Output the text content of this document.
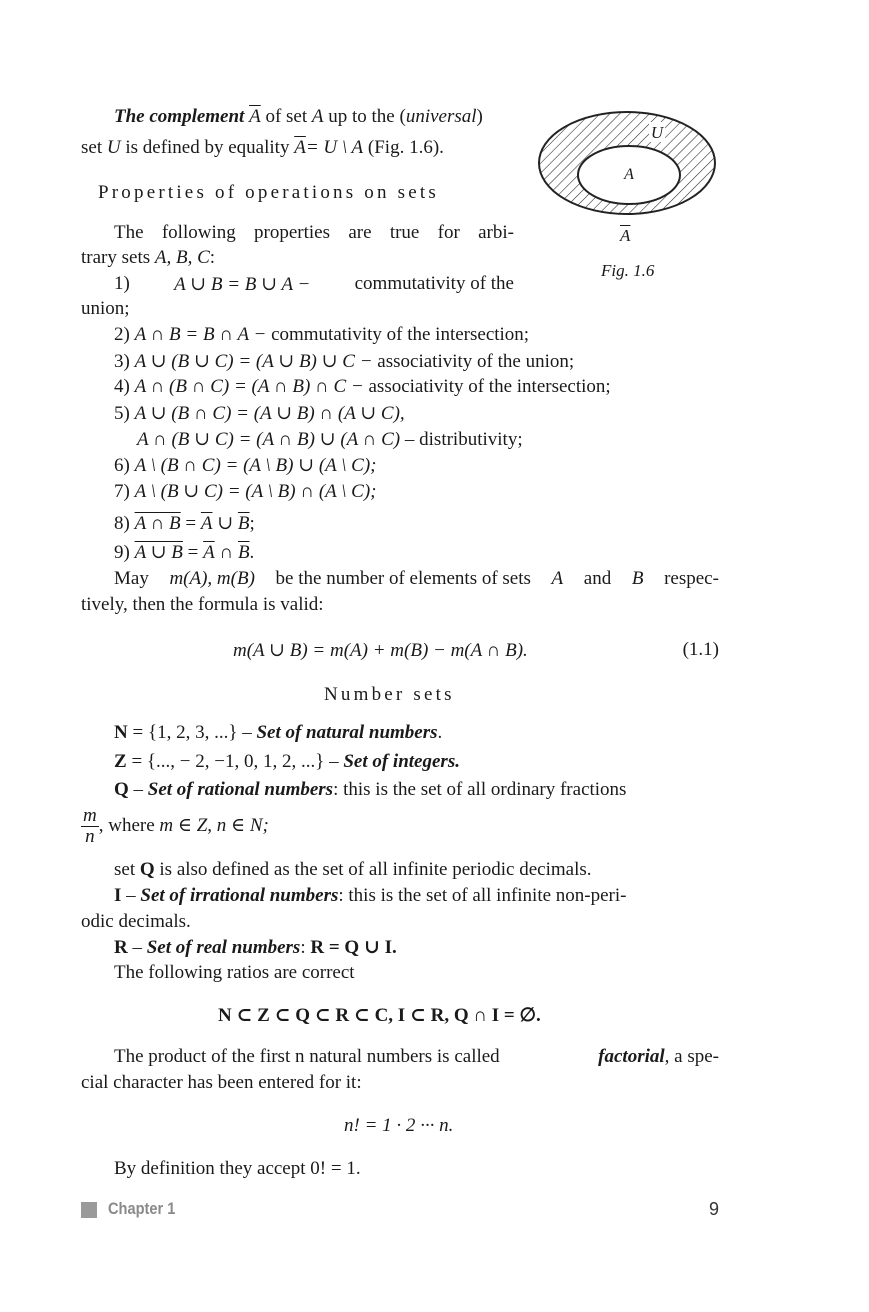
The complement $\overline{A}$ of set A up to the (universal)
set U is defined by equality $\overline{A}= U$ \ A (Fig. 1.6).
U
A
$\overline{A}$
Fig. 1.6
Properties of operations on sets
The following properties are true for arbi-
trary sets A, B, C:
1) A ∪ B = B ∪ A − commutativity of the
union;
2) A ∩ B = B ∩ A − commutativity of the intersection;
3) A ∪ (B ∪ C) = (A ∪ B) ∪ C − associativity of the union;
4) A ∩ (B ∩ C) = (A ∩ B) ∩ C − associativity of the intersection;
5) A ∪ (B ∩ C) = (A ∪ B) ∩ (A ∪ C),
A ∩ (B ∪ C) = (A ∩ B) ∪ (A ∩ C) – distributivity;
6) A \ (B ∩ C) = (A \ B) ∪ (A \ C);
7) A \ (B ∪ C) = (A \ B) ∩ (A \ C);
8) A ∩ $B = \overline{A}$ ∪ $\overline{B}$;
9) A ∪ $B = \overline{A}$ ∩ $\overline{B}$.
May m(A), m(B) be the number of elements of sets A and B respec-
tively, then the formula is valid:
m(A ∪ B) = m(A) + m(B) − m(A ∩ B).	(1.1)
Number sets
N = {1, 2, 3, ...} – Set of natural numbers.
Z = {..., − 2, −1, 0, 1, 2, ...} – Set of integers.
Q – Set of rational numbers: this is the set of all ordinary fractions
$\frac{m}{n}$ , where m ∈ Z, n ∈ N;
set Q is also defined as the set of all infinite periodic decimals.
I – Set of irrational numbers: this is the set of all infinite non-peri-
odic decimals.
R – Set of real numbers: R = Q ∪ I.
The following ratios are correct
N ⊂ Z ⊂ Q ⊂ R ⊂ C, I ⊂ R, Q ∩ I = ∅.
The product of the first n natural numbers is called	factorial, a spe-
cial character has been entered for it:
n! = 1 · 2 ··· n.
By definition they accept 0! = 1.
Chapter 1	9
